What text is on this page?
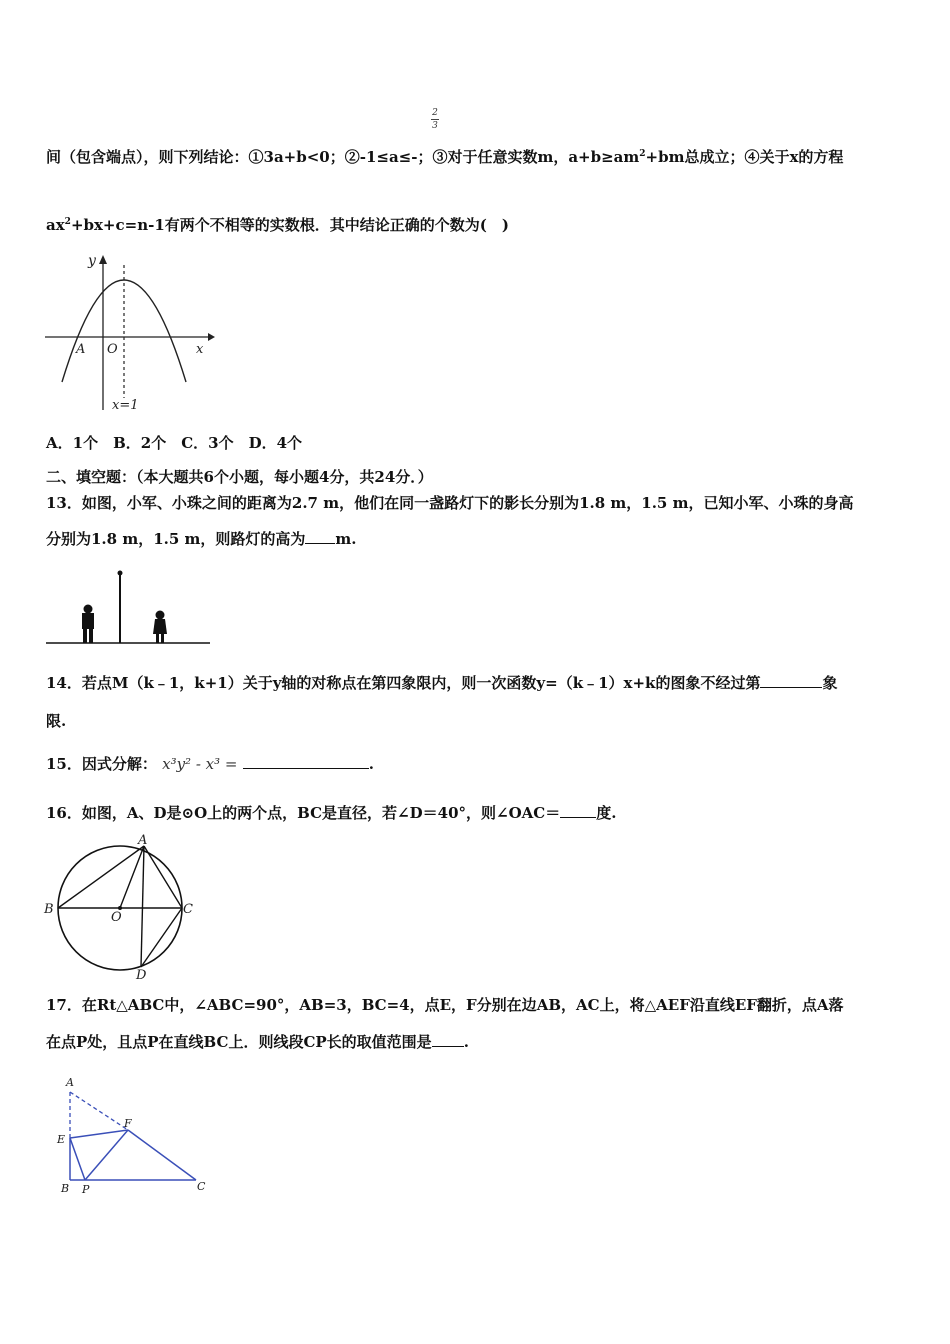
2
3
间（包含端点），则下列结论：①3a+b<0；②-1≤a≤-；③对于任意实数m，$a+b\ge am^2+bm$总成立；④关于x的方程
$ax^2+bx+c=n-1$有两个不相等的实数根．其中结论正确的个数为(　)
y
A O	x
x=1
A．1个　B．2个　C．3个　D．4个
二、填空题：（本大题共6个小题，每小题4分，共24分．）
13．如图，小军、小珠之间的距离为2.7 m，他们在同一盏路灯下的影长分别为1.8 m，1.5 m，已知小军、小珠的身高
分别为1.8 m，1.5 m，则路灯的高为 m.
14．若点M（k﹣1，k+1）关于y轴的对称点在第四象限内，则一次函数y=（k﹣1）x+k的图象不经过第	象
限.
15．因式分解： x³y² - x³ =	.
16．如图，A、D是⊙O上的两个点，BC是直径，若∠D＝40°，则∠OAC＝ 度.
A
B	C
D
O
17．在Rt△ABC中，∠ABC=90°，AB=3，BC=4，点E，F分别在边AB，AC上，将△AEF沿直线EF翻折，点A落
在点P处，且点P在直线BC上．则线段CP长的取值范围是 .
A
E
F
B P	C
